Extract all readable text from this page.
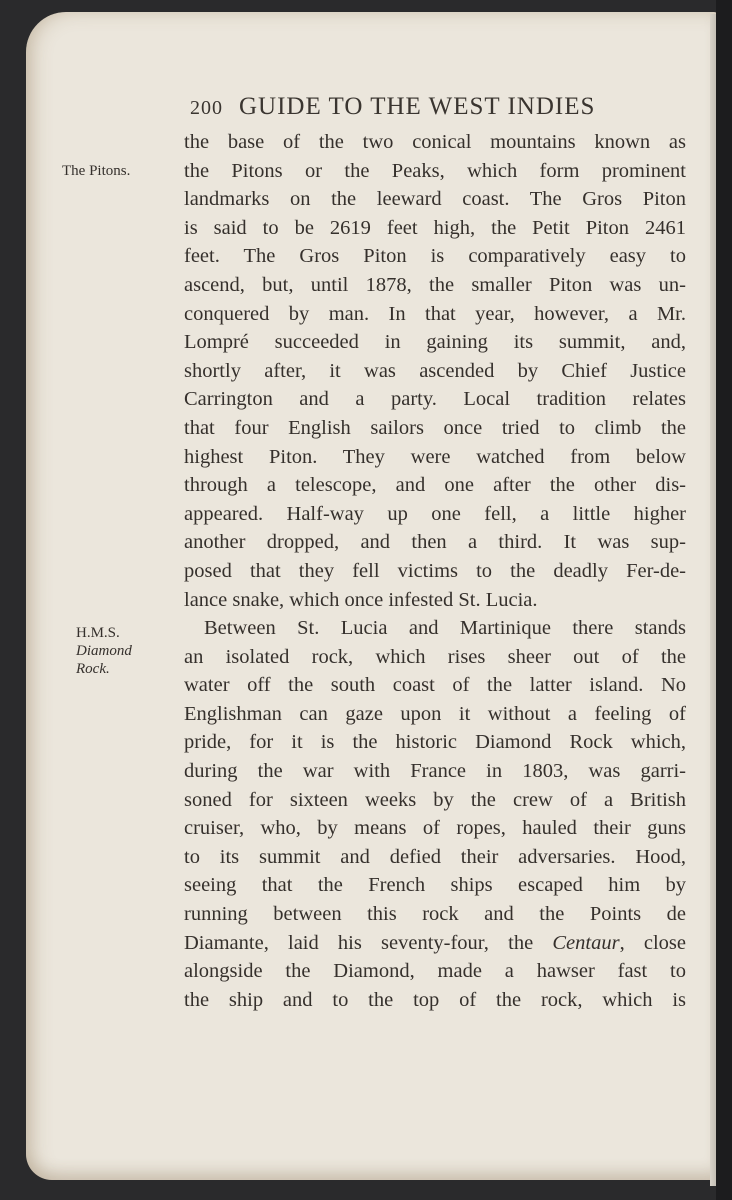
200 GUIDE TO THE WEST INDIES
The Pitons.
H.M.S.
Diamond
Rock.
the base of the two conical mountains known as
the Pitons or the Peaks, which form prominent
landmarks on the leeward coast. The Gros Piton
is said to be 2619 feet high, the Petit Piton 2461
feet. The Gros Piton is comparatively easy to
ascend, but, until 1878, the smaller Piton was un-
conquered by man. In that year, however, a Mr.
Lompré succeeded in gaining its summit, and,
shortly after, it was ascended by Chief Justice
Carrington and a party. Local tradition relates
that four English sailors once tried to climb the
highest Piton. They were watched from below
through a telescope, and one after the other dis-
appeared. Half-way up one fell, a little higher
another dropped, and then a third. It was sup-
posed that they fell victims to the deadly Fer-de-
lance snake, which once infested St. Lucia.
Between St. Lucia and Martinique there stands
an isolated rock, which rises sheer out of the
water off the south coast of the latter island. No
Englishman can gaze upon it without a feeling of
pride, for it is the historic Diamond Rock which,
during the war with France in 1803, was garri-
soned for sixteen weeks by the crew of a British
cruiser, who, by means of ropes, hauled their guns
to its summit and defied their adversaries. Hood,
seeing that the French ships escaped him by
running between this rock and the Points de
Diamante, laid his seventy-four, the Centaur, close
alongside the Diamond, made a hawser fast to
the ship and to the top of the rock, which is
